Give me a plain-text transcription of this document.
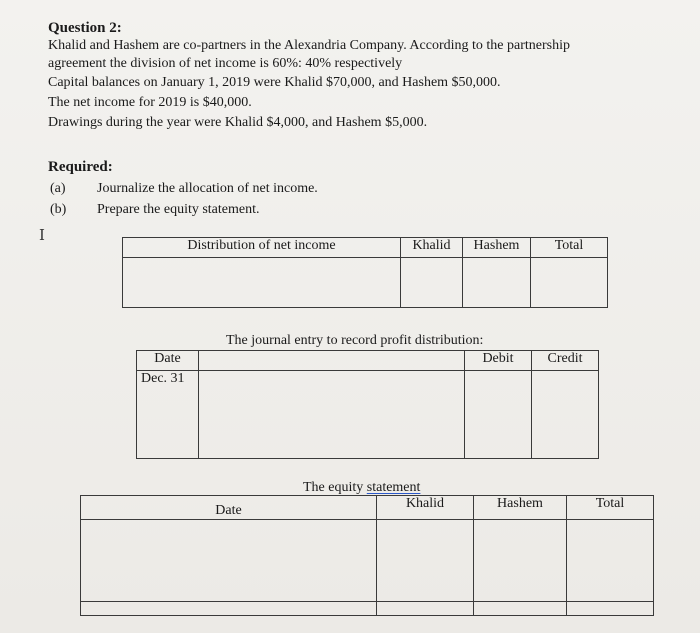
Question 2:
Khalid and Hashem are co-partners in the Alexandria Company. According to the partnership
agreement the division of net income is 60%: 40% respectively
Capital balances on January 1, 2019 were Khalid $70,000, and Hashem $50,000.
The net income for 2019 is $40,000.
Drawings during the year were Khalid $4,000, and Hashem $5,000.
Required:
(a) Journalize the allocation of net income.
(b) Prepare the equity statement.
I
Distribution of net income	Khalid	Hashem	Total

The journal entry to record profit distribution:
Date		Debit	Credit
Dec. 31			
The equity statement
Date	Khalid	Hashem	Total
